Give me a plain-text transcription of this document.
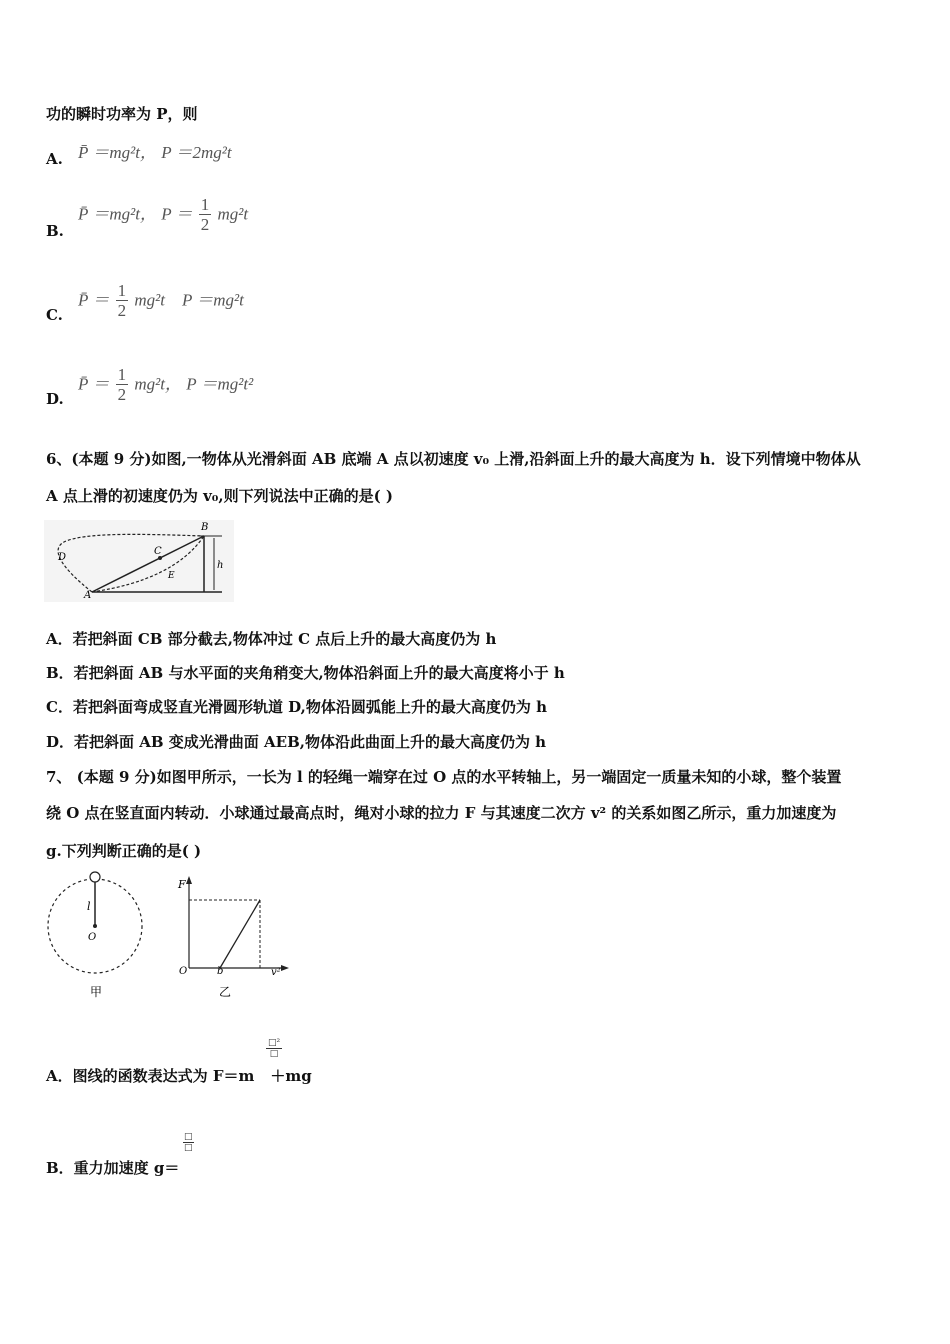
功的瞬时功率为 P，则
A. P̄ ＝mg²t， P ＝2mg²t
B.
P̄ ＝mg²t， $P = \frac{1}{2} mg^2t$
C.
P̄ ＝ $\frac{1}{2} mg^2t$ P ＝mg²t
D.
P̄ ＝ $\frac{1}{2} mg^2t$， P ＝mg²t²
6、(本题 9 分)如图,一物体从光滑斜面 AB 底端 A 点以初速度 v₀ 上滑,沿斜面上升的最大高度为 h．设下列情境中物体从
A 点上滑的初速度仍为 v₀,则下列说法中正确的是( )
A
B
C
D
E
h
A．若把斜面 CB 部分截去,物体冲过 C 点后上升的最大高度仍为 h
B．若把斜面 AB 与水平面的夹角稍变大,物体沿斜面上升的最大高度将小于 h
C．若把斜面弯成竖直光滑圆形轨道 D,物体沿圆弧能上升的最大高度仍为 h
D．若把斜面 AB 变成光滑曲面 AEB,物体沿此曲面上升的最大高度仍为 h
7、 (本题 9 分)如图甲所示，一长为 l 的轻绳一端穿在过 O 点的水平转轴上，另一端固定一质量未知的小球，整个装置
绕 O 点在竖直面内转动．小球通过最高点时，绳对小球的拉力 F 与其速度二次方 v² 的关系如图乙所示，重力加速度为
g.下列判断正确的是( )
l
O
甲
F
O	b	v²
乙
A．图线的函数表达式为 F＝m ＋mg
□²
□
B．重力加速度 g＝
□
□
